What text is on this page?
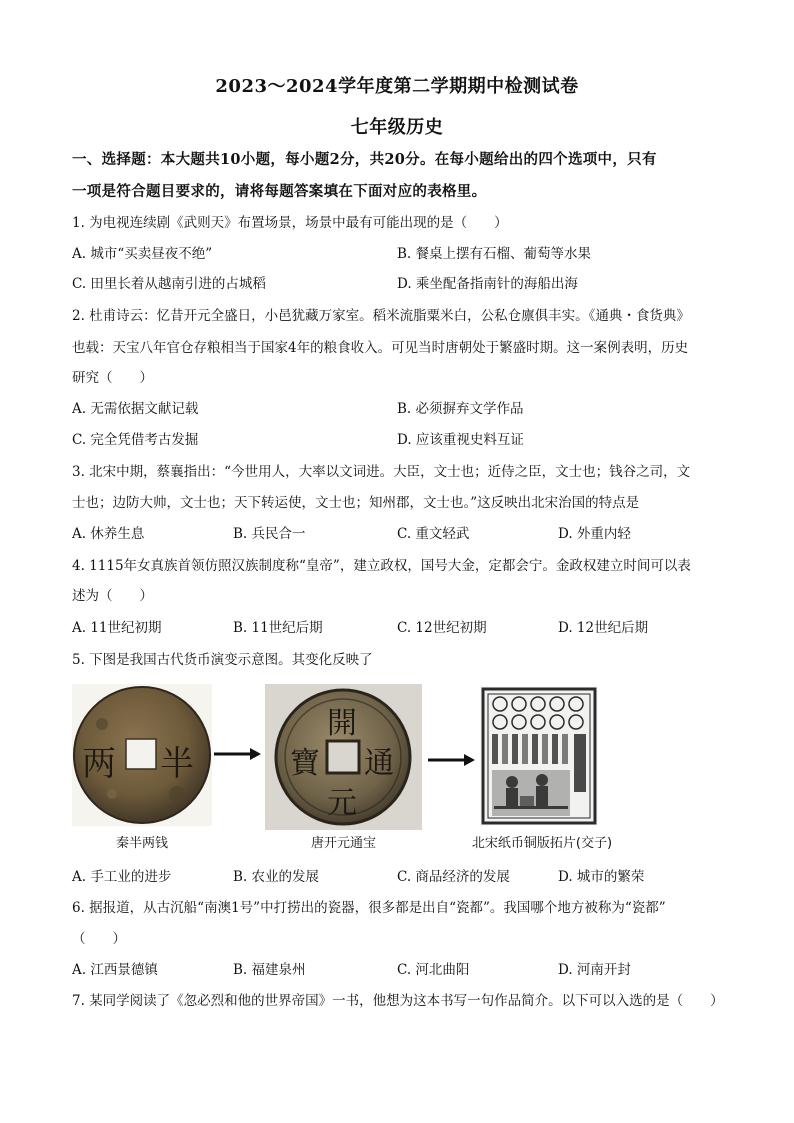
2023～2024学年度第二学期期中检测试卷
七年级历史
一、选择题：本大题共10小题，每小题2分，共20分。在每小题给出的四个选项中，只有
一项是符合题目要求的，请将每题答案填在下面对应的表格里。
1. 为电视连续剧《武则天》布置场景，场景中最有可能出现的是（　　）
A. 城市“买卖昼夜不绝”	B. 餐桌上摆有石榴、葡萄等水果
C. 田里长着从越南引进的占城稻	D. 乘坐配备指南针的海船出海
2. 杜甫诗云：忆昔开元全盛日，小邑犹藏万家室。稻米流脂粟米白，公私仓廪俱丰实。《通典・食货典》
也载：天宝八年官仓存粮相当于国家4年的粮食收入。可见当时唐朝处于繁盛时期。这一案例表明，历史
研究（　　）
A. 无需依据文献记载	B. 必须摒弃文学作品
C. 完全凭借考古发掘	D. 应该重视史料互证
3. 北宋中期，蔡襄指出：“今世用人，大率以文词进。大臣，文士也；近侍之臣，文士也；钱谷之司，文
士也；边防大帅，文士也；天下转运使，文士也；知州郡，文士也。”这反映出北宋治国的特点是
A. 休养生息	B. 兵民合一	C. 重文轻武	D. 外重内轻
4. 1115年女真族首领仿照汉族制度称“皇帝”，建立政权，国号大金，定都会宁。金政权建立时间可以表
述为（　　）
A. 11世纪初期	B. 11世纪后期	C. 12世纪初期	D. 12世纪后期
5. 下图是我国古代货币演变示意图。其变化反映了
半
两
開
元
通
寶
秦半两钱	唐开元通宝	北宋纸币铜版拓片(交子)
A. 手工业的进步	B. 农业的发展	C. 商品经济的发展	D. 城市的繁荣
6. 据报道，从古沉船“南澳1号”中打捞出的瓷器，很多都是出自“瓷都”。我国哪个地方被称为“瓷都”
（　　）
A. 江西景德镇	B. 福建泉州	C. 河北曲阳	D. 河南开封
7. 某同学阅读了《忽必烈和他的世界帝国》一书，他想为这本书写一句作品简介。以下可以入选的是（　　）
